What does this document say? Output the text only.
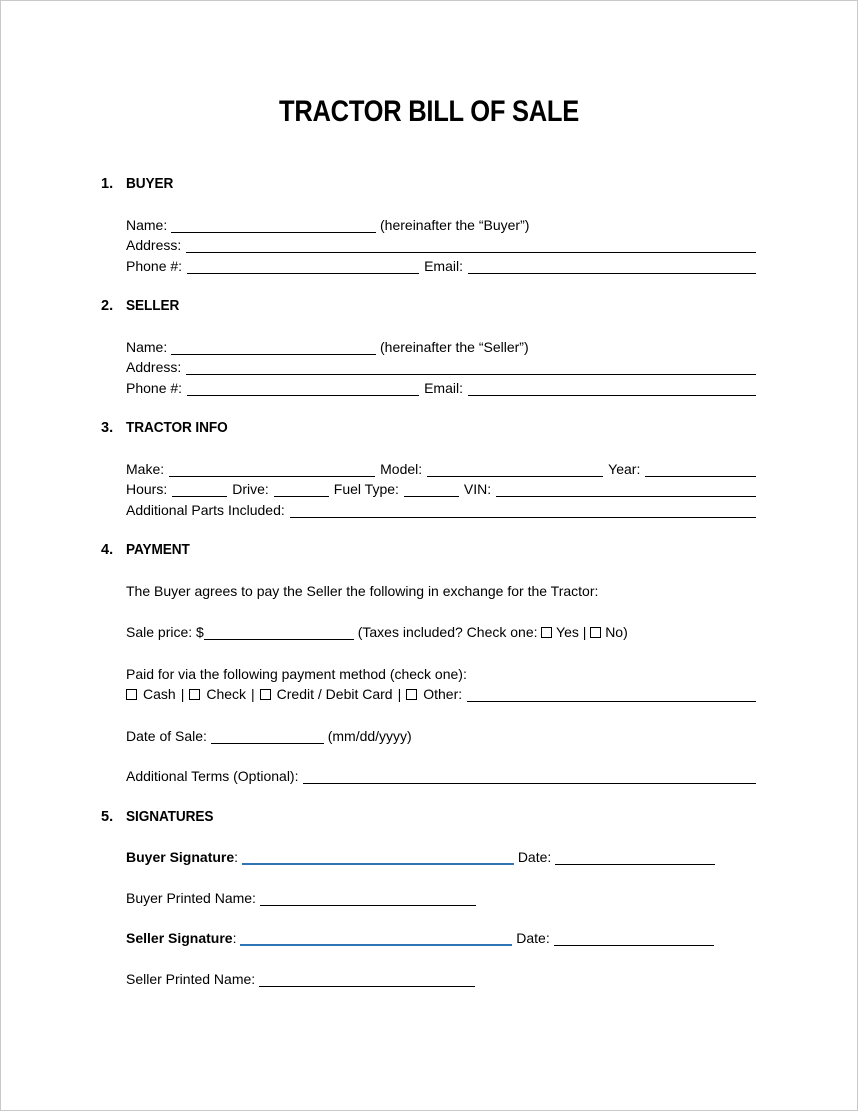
TRACTOR BILL OF SALE
1. BUYER
Name:	(hereinafter the “Buyer”)
Address:
Phone #:	Email:
2. SELLER
Name:	(hereinafter the “Seller”)
Address:
Phone #:	Email:
3. TRACTOR INFO
Make:	Model:	Year:
Hours:	Drive:	Fuel Type:	VIN:
Additional Parts Included:
4. PAYMENT
The Buyer agrees to pay the Seller the following in exchange for the Tractor:
Sale price: $	(Taxes included? Check one: Yes | No)
Paid for via the following payment method (check one):
Cash | Check | Credit / Debit Card | Other:
Date of Sale:	(mm/dd/yyyy)
Additional Terms (Optional):
5. SIGNATURES
Buyer Signature:	Date:
Buyer Printed Name:
Seller Signature:	Date:
Seller Printed Name:
